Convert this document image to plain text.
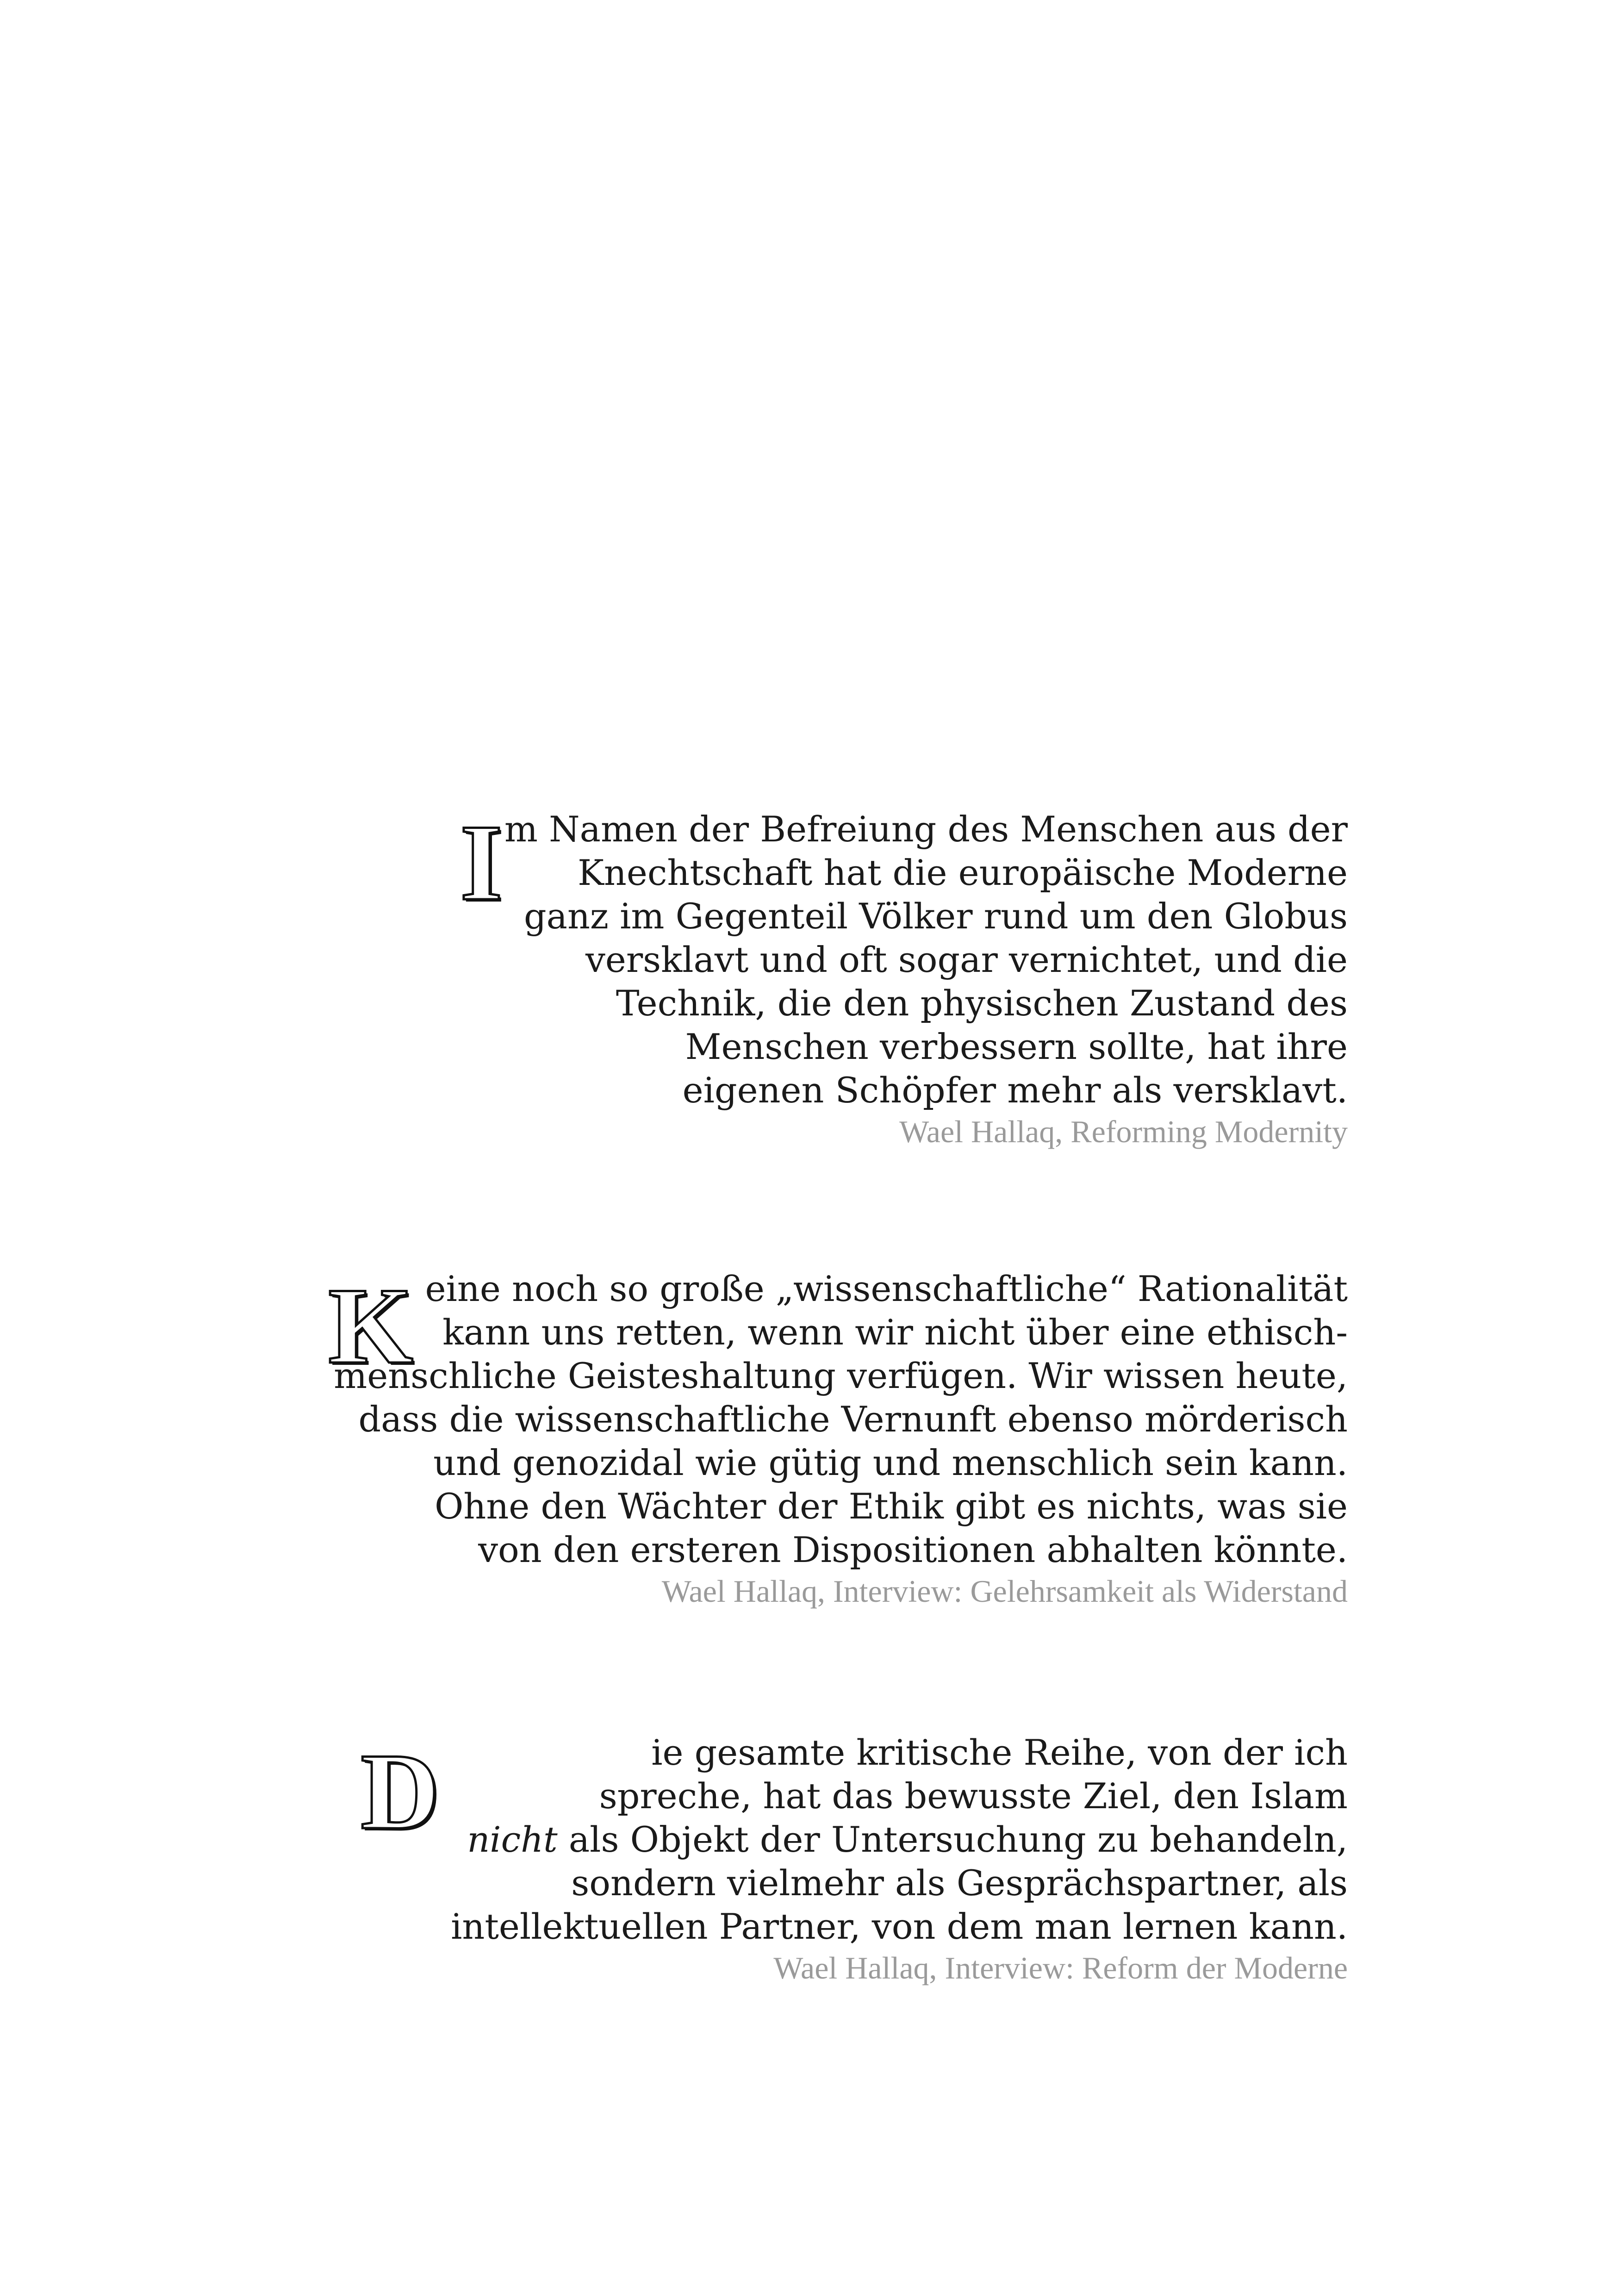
I m Namen der Befreiung des Menschen aus der
Knechtschaft hat die europäische Moderne
ganz im Gegenteil Völker rund um den Globus
versklavt und oft sogar vernichtet, und die
Technik, die den physischen Zustand des
Menschen verbessern sollte, hat ihre
eigenen Schöpfer mehr als versklavt.
Wael Hallaq, Reforming Modernity
K eine noch so große „wissenschaftliche“ Rationalität
kann uns retten, wenn wir nicht über eine ethisch-
menschliche Geisteshaltung verfügen. Wir wissen heute,
dass die wissenschaftliche Vernunft ebenso mörderisch
und genozidal wie gütig und menschlich sein kann.
Ohne den Wächter der Ethik gibt es nichts, was sie
von den ersteren Dispositionen abhalten könnte.
Wael Hallaq, Interview: Gelehrsamkeit als Widerstand
D	ie gesamte kritische Reihe, von der ich
spreche, hat das bewusste Ziel, den Islam
nicht als Objekt der Untersuchung zu behandeln,
sondern vielmehr als Gesprächspartner, als
intellektuellen Partner, von dem man lernen kann.
Wael Hallaq, Interview: Reform der Moderne
